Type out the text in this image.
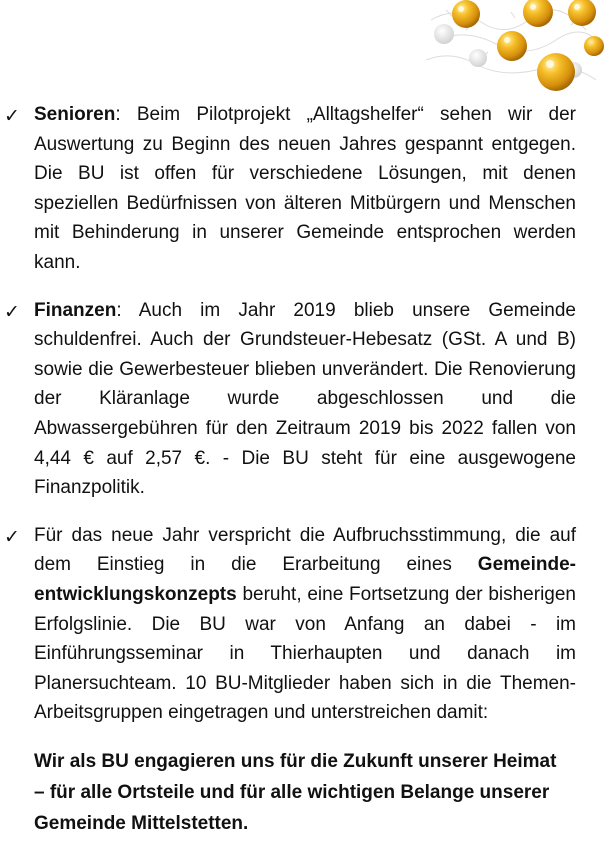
✓ Senioren: Beim Pilotprojekt „Alltagshelfer“ sehen wir der Auswertung zu Beginn des neuen Jahres gespannt entgegen. Die BU ist offen für verschiedene Lösungen, mit denen speziellen Bedürfnissen von älteren Mitbürgern und Menschen mit Behinderung in unserer Gemeinde entsprochen werden kann.

✓ Finanzen: Auch im Jahr 2019 blieb unsere Gemeinde schuldenfrei. Auch der Grundsteuer-Hebesatz (GSt. A und B) sowie die Gewerbesteuer blieben unverändert. Die Renovierung der Kläranlage wurde abgeschlossen und die Abwassergebühren für den Zeitraum 2019 bis 2022 fallen von 4,44 € auf 2,57 €. - Die BU steht für eine ausgewogene Finanzpolitik.

✓ Für das neue Jahr verspricht die Aufbruchsstimmung, die auf dem Einstieg in die Erarbeitung eines Gemeinde-entwicklungskonzepts beruht, eine Fortsetzung der bisherigen Erfolgslinie. Die BU war von Anfang an dabei - im Einführungsseminar in Thierhaupten und danach im Planersuchteam. 10 BU-Mitglieder haben sich in die Themen-Arbeitsgruppen eingetragen und unterstreichen damit:

Wir als BU engagieren uns für die Zukunft unserer Heimat
– für alle Ortsteile und für alle wichtigen Belange unserer
Gemeinde Mittelstetten.
